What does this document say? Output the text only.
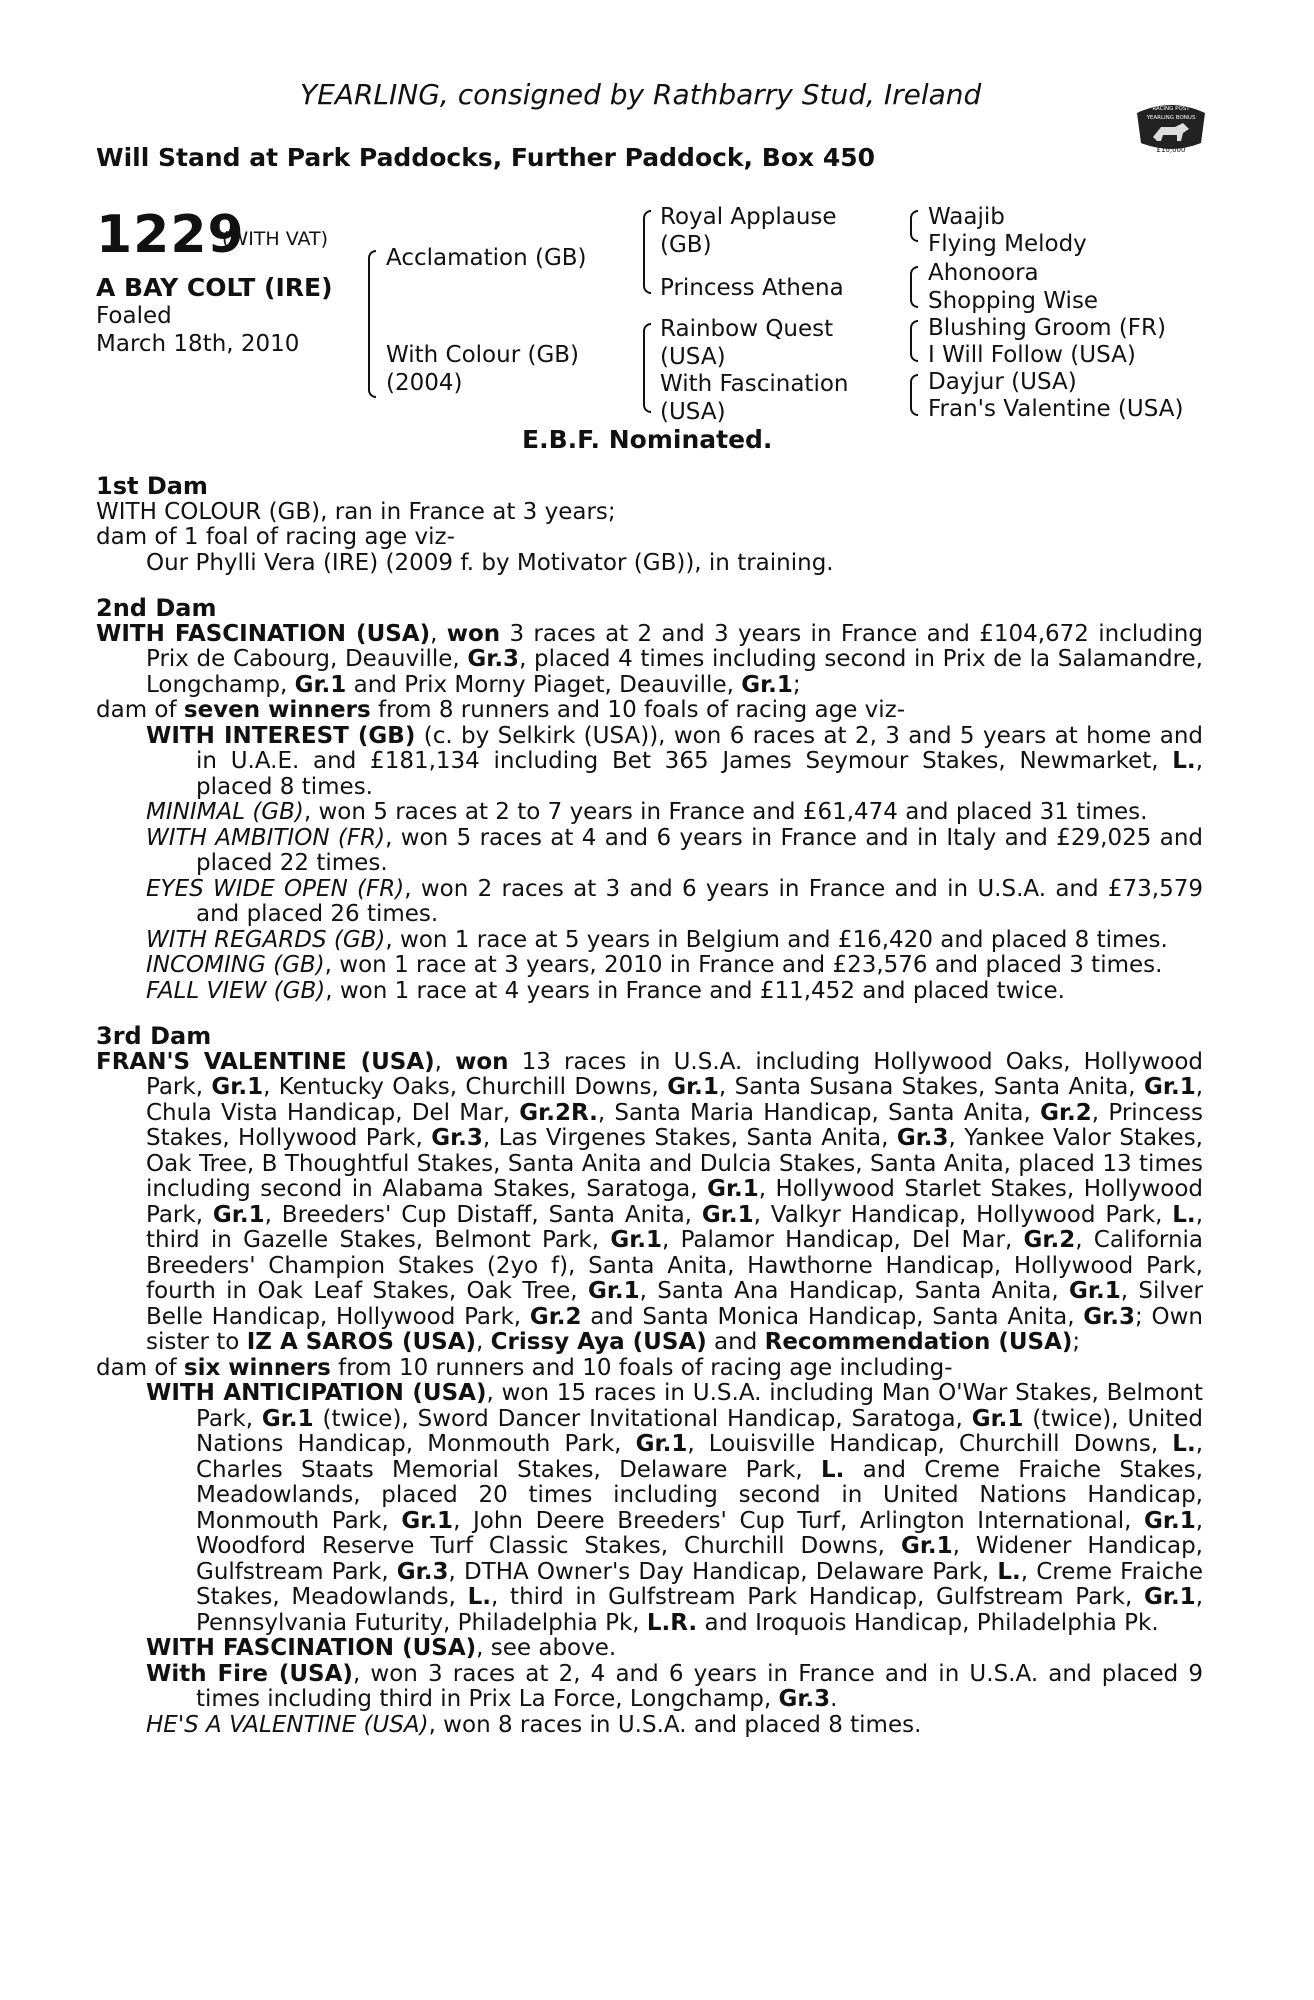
YEARLING, consigned by Rathbarry Stud, Ireland
Will Stand at Park Paddocks, Further Paddock, Box 450
RACING POST
YEARLING BONUS
£10,000
1229
(WITH VAT)
A BAY COLT (IRE)
Foaled
March 18th, 2010
Acclamation (GB)
With Colour (GB)
(2004)
Royal Applause
(GB)
Princess Athena
Rainbow Quest
(USA)
With Fascination
(USA)
Waajib
Flying Melody
Ahonoora
Shopping Wise
Blushing Groom (FR)
I Will Follow (USA)
Dayjur (USA)
Fran's Valentine (USA)
E.B.F. Nominated.
1st Dam
WITH COLOUR (GB), ran in France at 3 years;
dam of 1 foal of racing age viz-
Our Phylli Vera (IRE) (2009 f. by Motivator (GB)), in training.
2nd Dam
WITH FASCINATION (USA), won 3 races at 2 and 3 years in France and £104,672 including Prix de Cabourg, Deauville, Gr.3, placed 4 times including second in Prix de la Salamandre, Longchamp, Gr.1 and Prix Morny Piaget, Deauville, Gr.1;
dam of seven winners from 8 runners and 10 foals of racing age viz-
WITH INTEREST (GB) (c. by Selkirk (USA)), won 6 races at 2, 3 and 5 years at home and in U.A.E. and £181,134 including Bet 365 James Seymour Stakes, Newmarket, L., placed 8 times.
MINIMAL (GB), won 5 races at 2 to 7 years in France and £61,474 and placed 31 times.
WITH AMBITION (FR), won 5 races at 4 and 6 years in France and in Italy and £29,025 and placed 22 times.
EYES WIDE OPEN (FR), won 2 races at 3 and 6 years in France and in U.S.A. and £73,579 and placed 26 times.
WITH REGARDS (GB), won 1 race at 5 years in Belgium and £16,420 and placed 8 times.
INCOMING (GB), won 1 race at 3 years, 2010 in France and £23,576 and placed 3 times.
FALL VIEW (GB), won 1 race at 4 years in France and £11,452 and placed twice.
3rd Dam
FRAN'S VALENTINE (USA), won 13 races in U.S.A. including Hollywood Oaks, Hollywood Park, Gr.1, Kentucky Oaks, Churchill Downs, Gr.1, Santa Susana Stakes, Santa Anita, Gr.1, Chula Vista Handicap, Del Mar, Gr.2R., Santa Maria Handicap, Santa Anita, Gr.2, Princess Stakes, Hollywood Park, Gr.3, Las Virgenes Stakes, Santa Anita, Gr.3, Yankee Valor Stakes, Oak Tree, B Thoughtful Stakes, Santa Anita and Dulcia Stakes, Santa Anita, placed 13 times including second in Alabama Stakes, Saratoga, Gr.1, Hollywood Starlet Stakes, Hollywood Park, Gr.1, Breeders' Cup Distaff, Santa Anita, Gr.1, Valkyr Handicap, Hollywood Park, L., third in Gazelle Stakes, Belmont Park, Gr.1, Palamor Handicap, Del Mar, Gr.2, California Breeders' Champion Stakes (2yo f), Santa Anita, Hawthorne Handicap, Hollywood Park, fourth in Oak Leaf Stakes, Oak Tree, Gr.1, Santa Ana Handicap, Santa Anita, Gr.1, Silver Belle Handicap, Hollywood Park, Gr.2 and Santa Monica Handicap, Santa Anita, Gr.3; Own sister to IZ A SAROS (USA), Crissy Aya (USA) and Recommendation (USA);
dam of six winners from 10 runners and 10 foals of racing age including-
WITH ANTICIPATION (USA), won 15 races in U.S.A. including Man O'War Stakes, Belmont Park, Gr.1 (twice), Sword Dancer Invitational Handicap, Saratoga, Gr.1 (twice), United Nations Handicap, Monmouth Park, Gr.1, Louisville Handicap, Churchill Downs, L., Charles Staats Memorial Stakes, Delaware Park, L. and Creme Fraiche Stakes, Meadowlands, placed 20 times including second in United Nations Handicap, Monmouth Park, Gr.1, John Deere Breeders' Cup Turf, Arlington International, Gr.1, Woodford Reserve Turf Classic Stakes, Churchill Downs, Gr.1, Widener Handicap, Gulfstream Park, Gr.3, DTHA Owner's Day Handicap, Delaware Park, L., Creme Fraiche Stakes, Meadowlands, L., third in Gulfstream Park Handicap, Gulfstream Park, Gr.1, Pennsylvania Futurity, Philadelphia Pk, L.R. and Iroquois Handicap, Philadelphia Pk.
WITH FASCINATION (USA), see above.
With Fire (USA), won 3 races at 2, 4 and 6 years in France and in U.S.A. and placed 9 times including third in Prix La Force, Longchamp, Gr.3.
HE'S A VALENTINE (USA), won 8 races in U.S.A. and placed 8 times.
